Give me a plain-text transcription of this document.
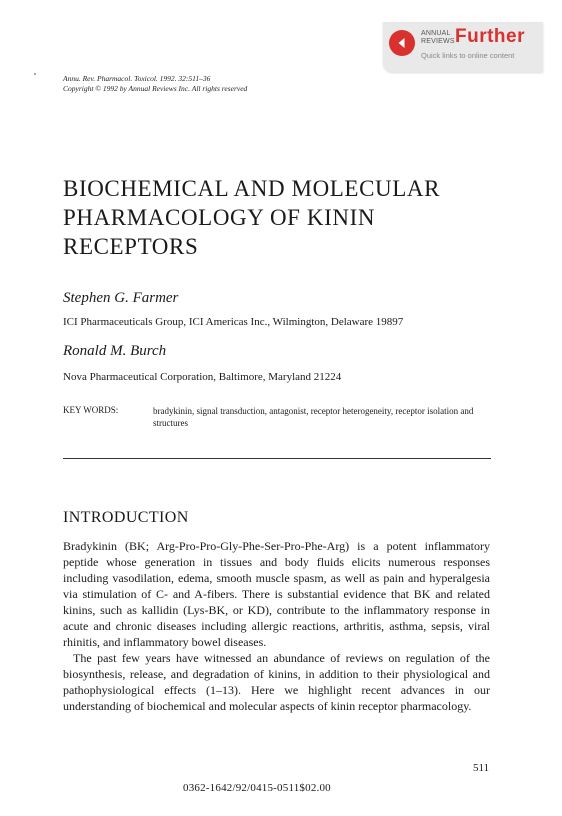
ANNUAL
REVIEWS Further
Quick links to online content
Annu. Rev. Pharmacol. Toxicol. 1992. 32:511–36
Copyright © 1992 by Annual Reviews Inc. All rights reserved
BIOCHEMICAL AND MOLECULAR
PHARMACOLOGY OF KININ
RECEPTORS
Stephen G. Farmer
ICI Pharmaceuticals Group, ICI Americas Inc., Wilmington, Delaware 19897
Ronald M. Burch
Nova Pharmaceutical Corporation, Baltimore, Maryland 21224
KEY WORDS:	bradykinin, signal transduction, antagonist, receptor heterogeneity, receptor isolation and structures
INTRODUCTION

Bradykinin (BK; Arg-Pro-Pro-Gly-Phe-Ser-Pro-Phe-Arg) is a potent inflammatory peptide whose generation in tissues and body fluids elicits numerous responses including vasodilation, edema, smooth muscle spasm, as well as pain and hyperalgesia via stimulation of C- and A-fibers. There is substantial evidence that BK and related kinins, such as kallidin (Lys-BK, or KD), contribute to the inflammatory response in acute and chronic diseases including allergic reactions, arthritis, asthma, sepsis, viral rhinitis, and inflammatory bowel diseases.

The past few years have witnessed an abundance of reviews on regulation of the biosynthesis, release, and degradation of kinins, in addition to their physiological and pathophysiological effects (1–13). Here we highlight recent advances in our understanding of biochemical and molecular aspects of kinin receptor pharmacology.

511
0362-1642/92/0415-0511$02.00
